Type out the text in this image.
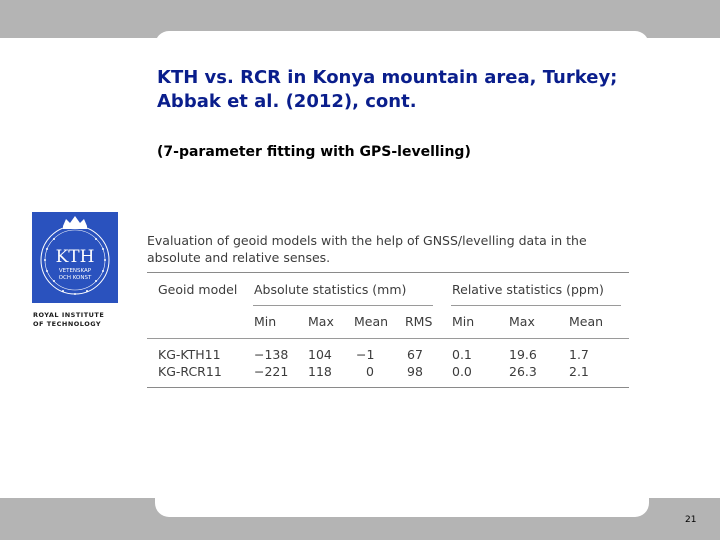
KTH vs. RCR in Konya mountain area, Turkey; Abbak et al. (2012), cont.
(7-parameter fitting with GPS-levelling)
KTH
VETENSKAP
OCH KONST
ROYAL INSTITUTE
OF TECHNOLOGY

Evaluation of geoid models with the help of GNSS/levelling data in the absolute and relative senses.

Geoid model Absolute statistics (mm)	Relative statistics (ppm)
Min	Max Mean RMS Min	Max	Mean
KG-KTH11	−138 104 −1	67 0.1	19.6	1.7
KG-RCR11	−221 118	0	98 0.0	26.3	2.1
21
